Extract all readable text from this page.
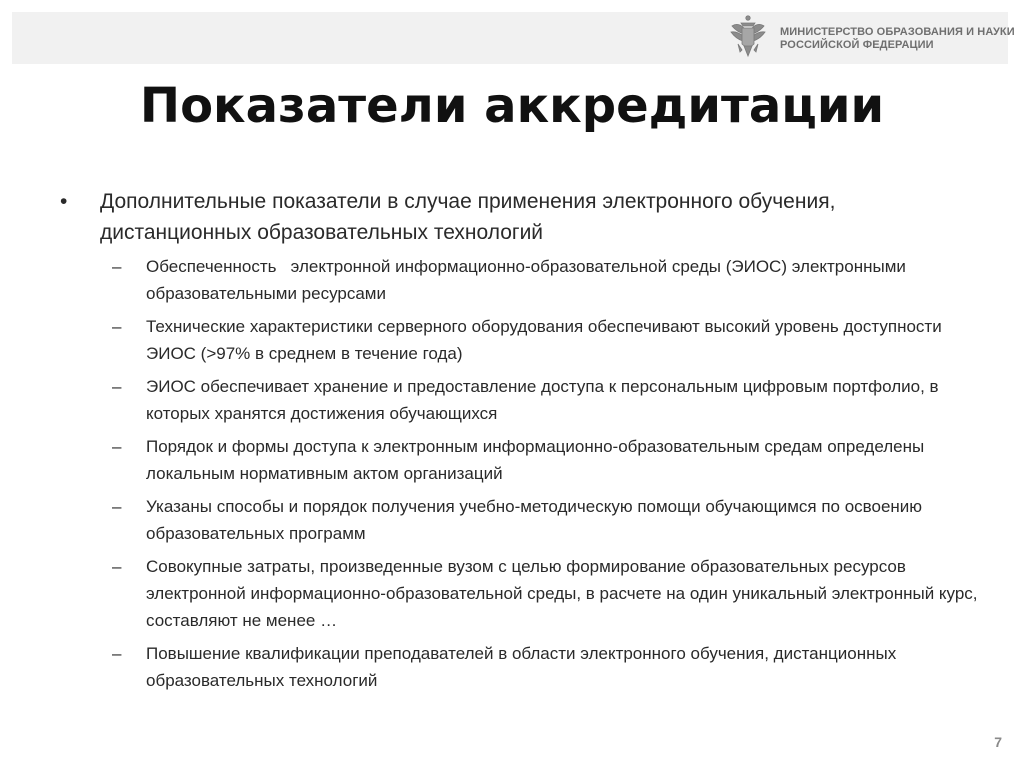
МИНИСТЕРСТВО ОБРАЗОВАНИЯ И НАУКИ
РОССИЙСКОЙ ФЕДЕРАЦИИ
Показатели аккредитации
• Дополнительные показатели в случае применения электронного обучения, дистанционных образовательных технологий
– Обеспеченность   электронной информационно-образовательной среды (ЭИОС) электронными образовательными ресурсами
– Технические характеристики серверного оборудования обеспечивают высокий уровень доступности ЭИОС (>97% в среднем в течение года)
– ЭИОС обеспечивает хранение и предоставление доступа к персональным цифровым портфолио, в которых хранятся достижения обучающихся
– Порядок и формы доступа к электронным информационно-образовательным средам определены локальным нормативным актом организаций
– Указаны способы и порядок получения учебно-методическую помощи обучающимся по освоению образовательных программ
– Совокупные затраты, произведенные вузом с целью формирование образовательных ресурсов  электронной информационно-образовательной среды, в расчете на один уникальный электронный курс, составляют не менее …
– Повышение квалификации преподавателей в области электронного обучения, дистанционных образовательных технологий
7
